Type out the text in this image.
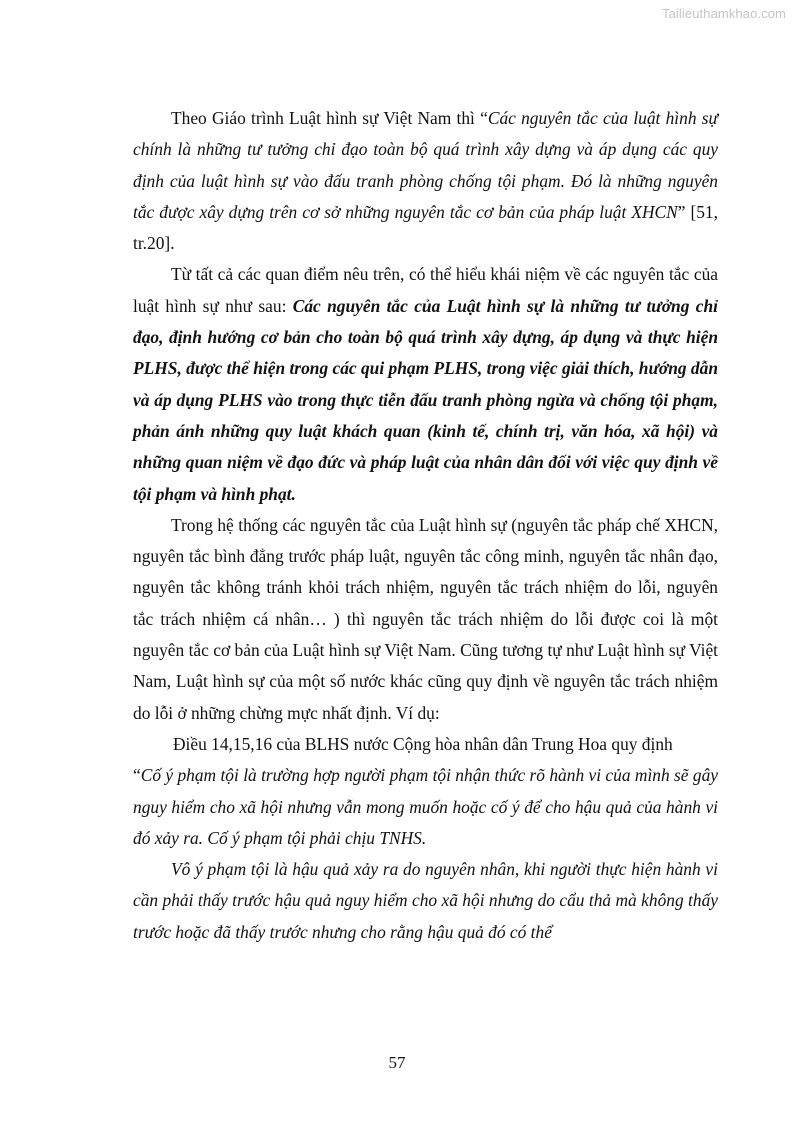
Tailieuthamkhao.com

Theo Giáo trình Luật hình sự Việt Nam thì “Các nguyên tắc của luật hình sự chính là những tư tưởng chỉ đạo toàn bộ quá trình xây dựng và áp dụng các quy định của luật hình sự vào đấu tranh phòng chống tội phạm. Đó là những nguyên tắc được xây dựng trên cơ sở những nguyên tắc cơ bản của pháp luật XHCN” [51, tr.20].

Từ tất cả các quan điểm nêu trên, có thể hiểu khái niệm về các nguyên tắc của luật hình sự như sau: Các nguyên tắc của Luật hình sự là những tư tưởng chỉ đạo, định hướng cơ bản cho toàn bộ quá trình xây dựng, áp dụng và thực hiện PLHS, được thể hiện trong các qui phạm PLHS, trong việc giải thích, hướng dẫn và áp dụng PLHS vào trong thực tiễn đấu tranh phòng ngừa và chống tội phạm, phản ánh những quy luật khách quan (kinh tế, chính trị, văn hóa, xã hội) và những quan niệm về đạo đức và pháp luật của nhân dân đối với việc quy định về tội phạm và hình phạt.

Trong hệ thống các nguyên tắc của Luật hình sự (nguyên tắc pháp chế XHCN, nguyên tắc bình đẳng trước pháp luật, nguyên tắc công minh, nguyên tắc nhân đạo, nguyên tắc không tránh khỏi trách nhiệm, nguyên tắc trách nhiệm do lỗi, nguyên tắc trách nhiệm cá nhân… ) thì nguyên tắc trách nhiệm do lỗi được coi là một nguyên tắc cơ bản của Luật hình sự Việt Nam. Cũng tương tự như Luật hình sự Việt Nam, Luật hình sự của một số nước khác cũng quy định về nguyên tắc trách nhiệm do lỗi ở những chừng mực nhất định. Ví dụ:

Điều 14,15,16 của BLHS nước Cộng hòa nhân dân Trung Hoa quy định

“Cố ý phạm tội là trường hợp người phạm tội nhận thức rõ hành vi của mình sẽ gây nguy hiểm cho xã hội nhưng vẫn mong muốn hoặc cố ý để cho hậu quả của hành vi đó xảy ra. Cố ý phạm tội phải chịu TNHS.

Vô ý phạm tội là hậu quả xảy ra do nguyên nhân, khi người thực hiện hành vi cần phải thấy trước hậu quả nguy hiểm cho xã hội nhưng do cẩu thả mà không thấy trước hoặc đã thấy trước nhưng cho rằng hậu quả đó có thể

57
